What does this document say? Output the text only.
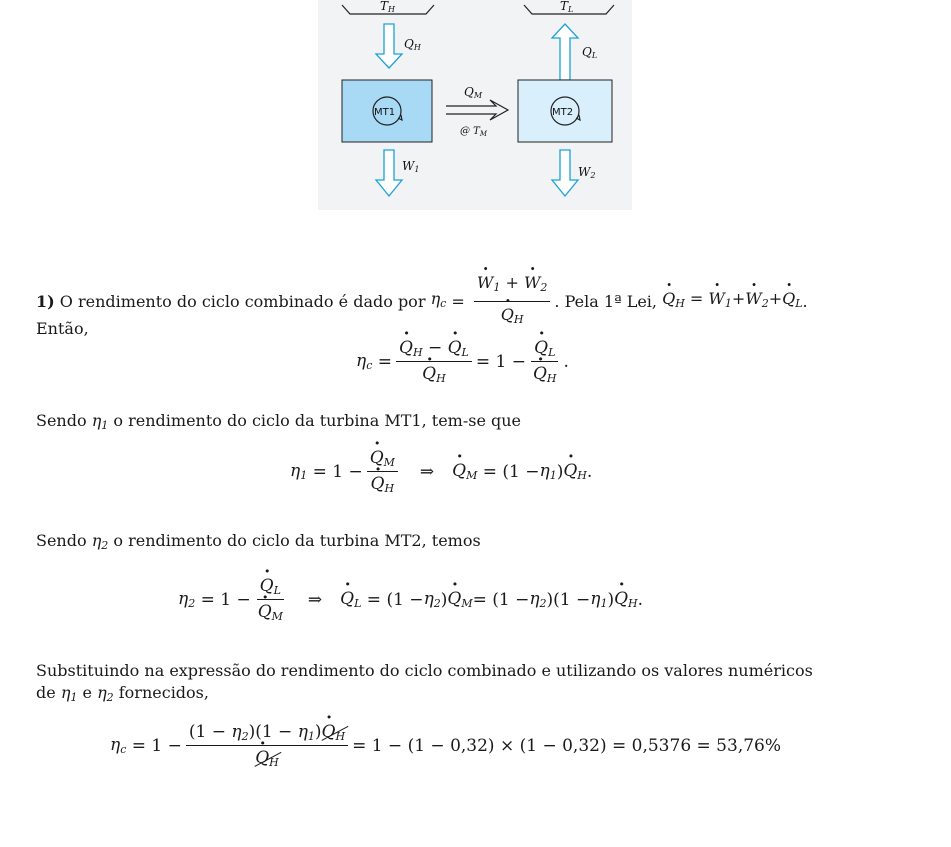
TH	TL
QH	QL
QM
@ $T_M$
W1	W2
MT1	MT2
1)
O rendimento do ciclo combinado é dado por
$\eta_c$ = · $W_1$ + · $W_2$
· $Q_H$ . Pela 1ª Lei,
· $Q_H$ = · $W_1+\cdot W_2+\cdot Q_L$ .
Então,
$\eta_c$ = · $Q_H$ − · $Q_L$
· $Q_H = 1$ − · $Q_L$
· $Q_H$ .
Sendo $\eta_1$ o rendimento do ciclo da turbina MT1, tem-se que
$\eta_1 = 1$ − · $Q_M$
· $Q_H$ ⇒ · $Q_M = (1 - \eta_1$ ) · $Q_H$ .
Sendo $\eta_2$ o rendimento do ciclo da turbina MT2, temos
$\eta_2 = 1$ − · $Q_L$
· $Q_M$ ⇒ · $Q_L = (1 - \eta_2$ ) · $Q_M = (1 - \eta_2$ )($1 - \eta_1$ ) · $Q_H$ .
Substituindo na expressão do rendimento do ciclo combinado e utilizando os valores numéricos
de $\eta_1$ e $\eta_2$ fornecidos,
$\eta_c = 1 - (1 - \eta_2)(1 - \eta_1)\cdot Q_H$
· $Q_H = 1 - (1 - 0,32) \times (1 - 0,32) = 0,5376 = 53,76\%$
